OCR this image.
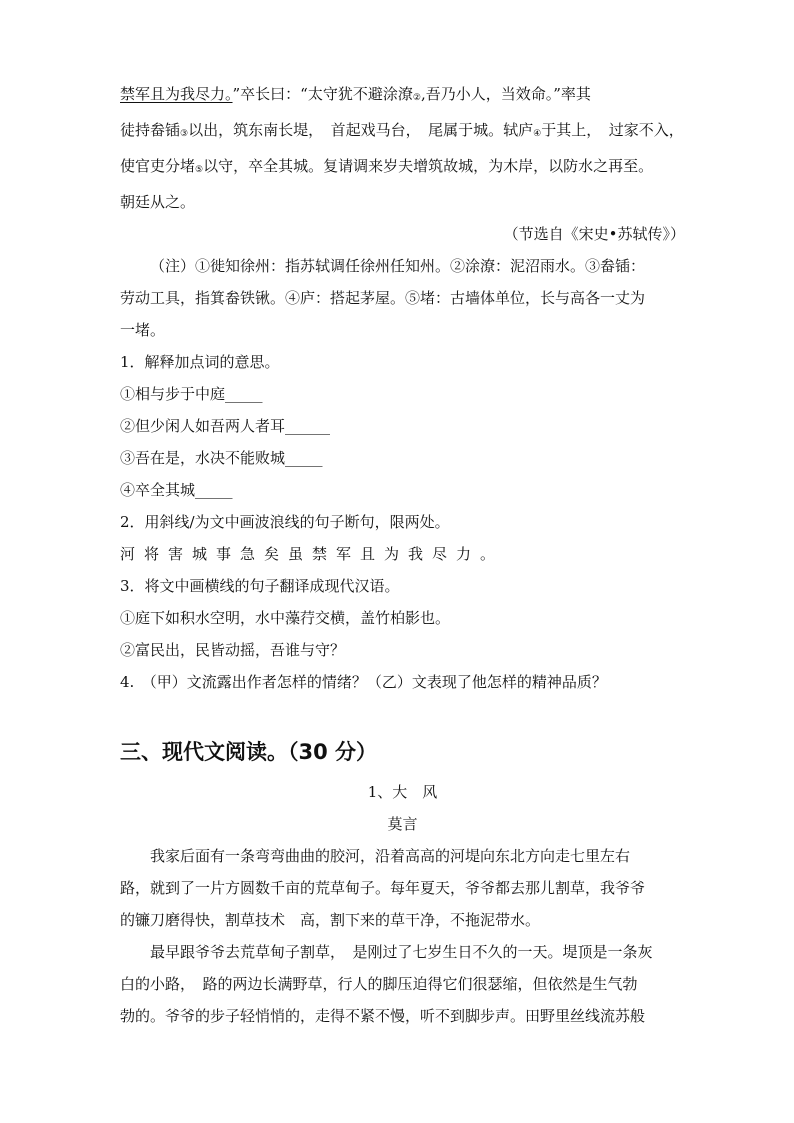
禁军且为我尽力。”卒长曰：“太守犹不避涂潦②,吾乃小人，当效命。”率其

徒持畚锸③以出，筑东南长堤，　首起戏马台，　尾属于城。轼庐④于其上，　过家不入，

使官吏分堵⑤以守，卒全其城。复请调来岁夫增筑故城，为木岸，以防水之再至。

朝廷从之。

（节选自《宋史•苏轼传》）

（注）①徙知徐州：指苏轼调任徐州任知州。②涂潦：泥沼雨水。③畚锸：

劳动工具，指箕畚铁锹。④庐：搭起茅屋。⑤堵：古墙体单位，长与高各一丈为

一堵。

1．解释加点词的意思。

①相与步于中庭_____

②但少闲人如吾两人者耳______

③吾在是，水决不能败城_____

④卒全其城_____

2．用斜线/为文中画波浪线的句子断句，限两处。

河将害城事急矣虽禁军且为我尽力。

3．将文中画横线的句子翻译成现代汉语。

①庭下如积水空明，水中藻荇交横，盖竹柏影也。

②富民出，民皆动摇，吾谁与守？

4.　（甲）文流露出作者怎样的情绪？（乙）文表现了他怎样的精神品质？

三、现代文阅读。（30 分）

1、大　风

莫言

我家后面有一条弯弯曲曲的胶河，沿着高高的河堤向东北方向走七里左右

路，就到了一片方圆数千亩的荒草甸子。每年夏天，爷爷都去那儿割草，我爷爷

的镰刀磨得快，割草技术　高，割下来的草干净，不拖泥带水。

最早跟爷爷去荒草甸子割草，　是刚过了七岁生日不久的一天。堤顶是一条灰

白的小路，　路的两边长满野草，行人的脚压迫得它们很瑟缩，但依然是生气勃

勃的。爷爷的步子轻悄悄的，走得不紧不慢，听不到脚步声。田野里丝线流苏般
